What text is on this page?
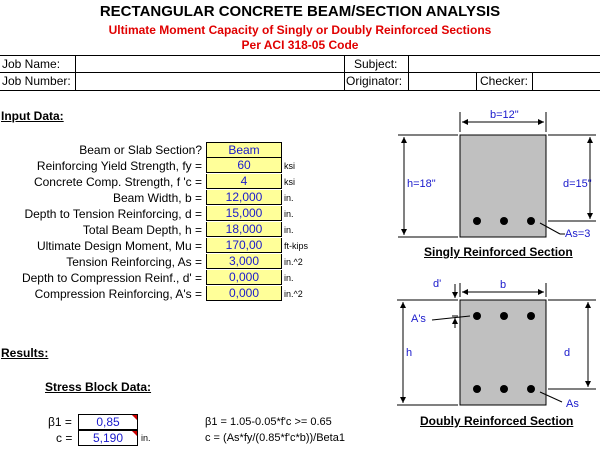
RECTANGULAR CONCRETE BEAM/SECTION ANALYSIS
Ultimate Moment Capacity of Singly or Doubly Reinforced Sections
Per ACI 318-05 Code
Job Name:	Subject:
Job Number:	Originator:	Checker:
Input Data:
Beam or Slab Section?	Beam
Reinforcing Yield Strength, fy =	60	ksi
Concrete Comp. Strength, f 'c =	4	ksi
Beam Width, b =	12,000	in.
Depth to Tension Reinforcing, d =	15,000	in.
Total Beam Depth, h =	18,000	in.
Ultimate Design Moment, Mu =	170,00	ft-kips
Tension Reinforcing, As =	3,000	in.^2
Depth to Compression Reinf., d' =	0,000	in.
Compression Reinforcing, A's =	0,000	in.^2
Results:
Stress Block Data:
β1 =	0,85	β1 = 1.05-0.05*f'c >= 0.65
c =	5,190	in.	c = (As*fy/(0.85*f'c*b))/Beta1
b=12"
h=18"	d=15"
As=3
Singly Reinforced Section
d'	b
A's
h	d
As
Doubly Reinforced Section
